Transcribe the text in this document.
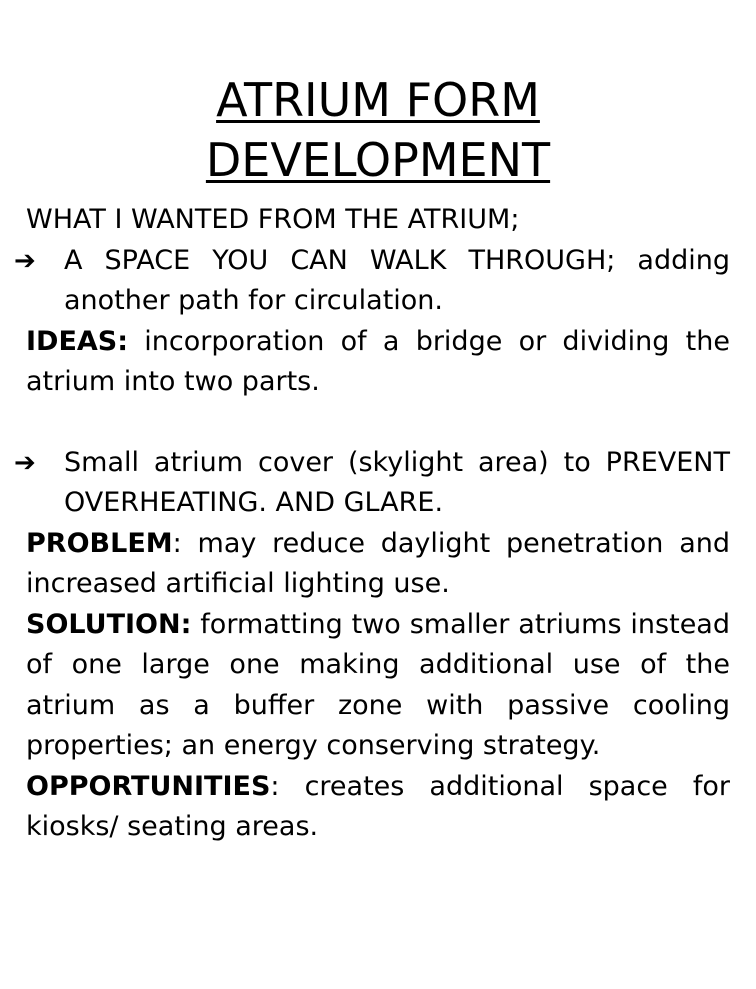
ATRIUM FORM
DEVELOPMENT

WHAT I WANTED FROM THE ATRIUM;

➔ A SPACE YOU CAN WALK THROUGH; adding another path for circulation.

IDEAS: incorporation of a bridge or dividing the atrium into two parts.

➔ Small atrium cover (skylight area) to PREVENT OVERHEATING. AND GLARE.

PROBLEM: may reduce daylight penetration and increased artificial lighting use.

SOLUTION: formatting two smaller atriums instead of one large one making additional use of the atrium as a buffer zone with passive cooling properties; an energy conserving strategy.

OPPORTUNITIES: creates additional space for kiosks/ seating areas.
